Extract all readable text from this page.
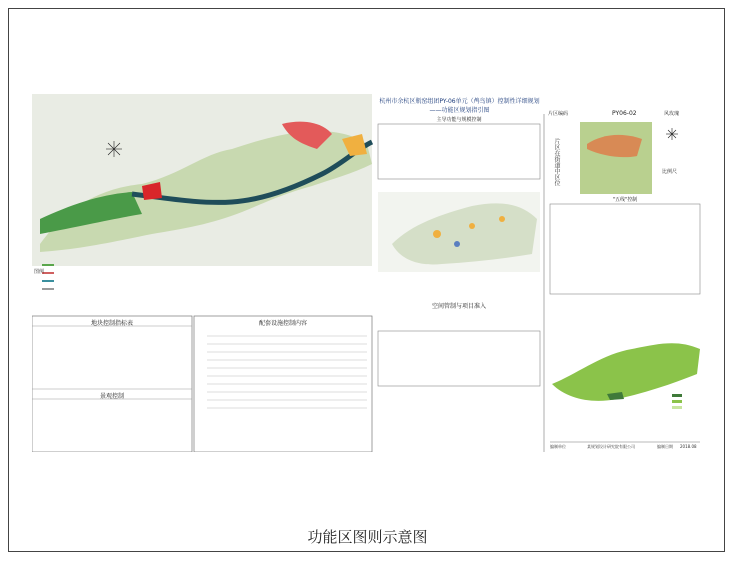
杭州市余杭区瓶窑组团PY-06单元（鸬鸟镇）控制性详细规划——功能区规划指引图
地块控制指标表
景观控制
配套设施控制内容
主导功能与规模控制
空间管制与项目准入
片区编码	PY06-02	风玫瑰
比例尺
"五线"控制
片区在街道中区位
图例
编制单位	某规划设计研究院有限公司	编制日期 2018.08
功能区图则示意图
